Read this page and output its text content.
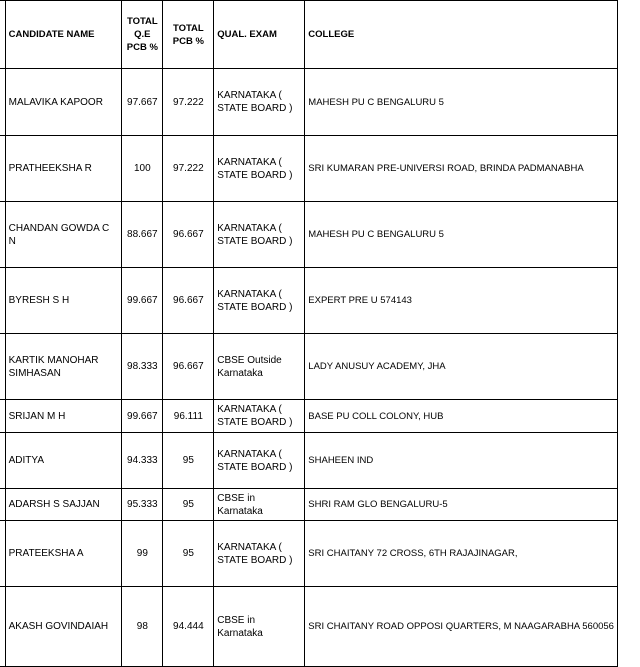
	CANDIDATE NAME	TOTAL Q.E PCB %	TOTAL PCB %	QUAL. EXAM	COLLEGE
	MALAVIKA KAPOOR	97.667	97.222	KARNATAKA ( STATE BOARD )	MAHESH PU C BENGALURU 5
	PRATHEEKSHA R	100	97.222	KARNATAKA ( STATE BOARD )	SRI KUMARAN PRE-UNIVERSI ROAD, BRINDA PADMANABHA
	CHANDAN GOWDA C N	88.667	96.667	KARNATAKA ( STATE BOARD )	MAHESH PU C BENGALURU 5
	BYRESH S H	99.667	96.667	KARNATAKA ( STATE BOARD )	EXPERT PRE U 574143
	KARTIK MANOHAR SIMHASAN	98.333	96.667	CBSE Outside Karnataka	LADY ANUSUY ACADEMY, JHA
	SRIJAN M H	99.667	96.111	KARNATAKA ( STATE BOARD )	BASE PU COLL COLONY, HUB
	ADITYA	94.333	95	KARNATAKA ( STATE BOARD )	SHAHEEN IND
	ADARSH S SAJJAN	95.333	95	CBSE in Karnataka	SHRI RAM GLO BENGALURU-5
	PRATEEKSHA A	99	95	KARNATAKA ( STATE BOARD )	SRI CHAITANY 72 CROSS, 6TH RAJAJINAGAR,
	AKASH GOVINDAIAH	98	94.444	CBSE in Karnataka	SRI CHAITANY ROAD OPPOSI QUARTERS, M NAAGARABHA 560056
